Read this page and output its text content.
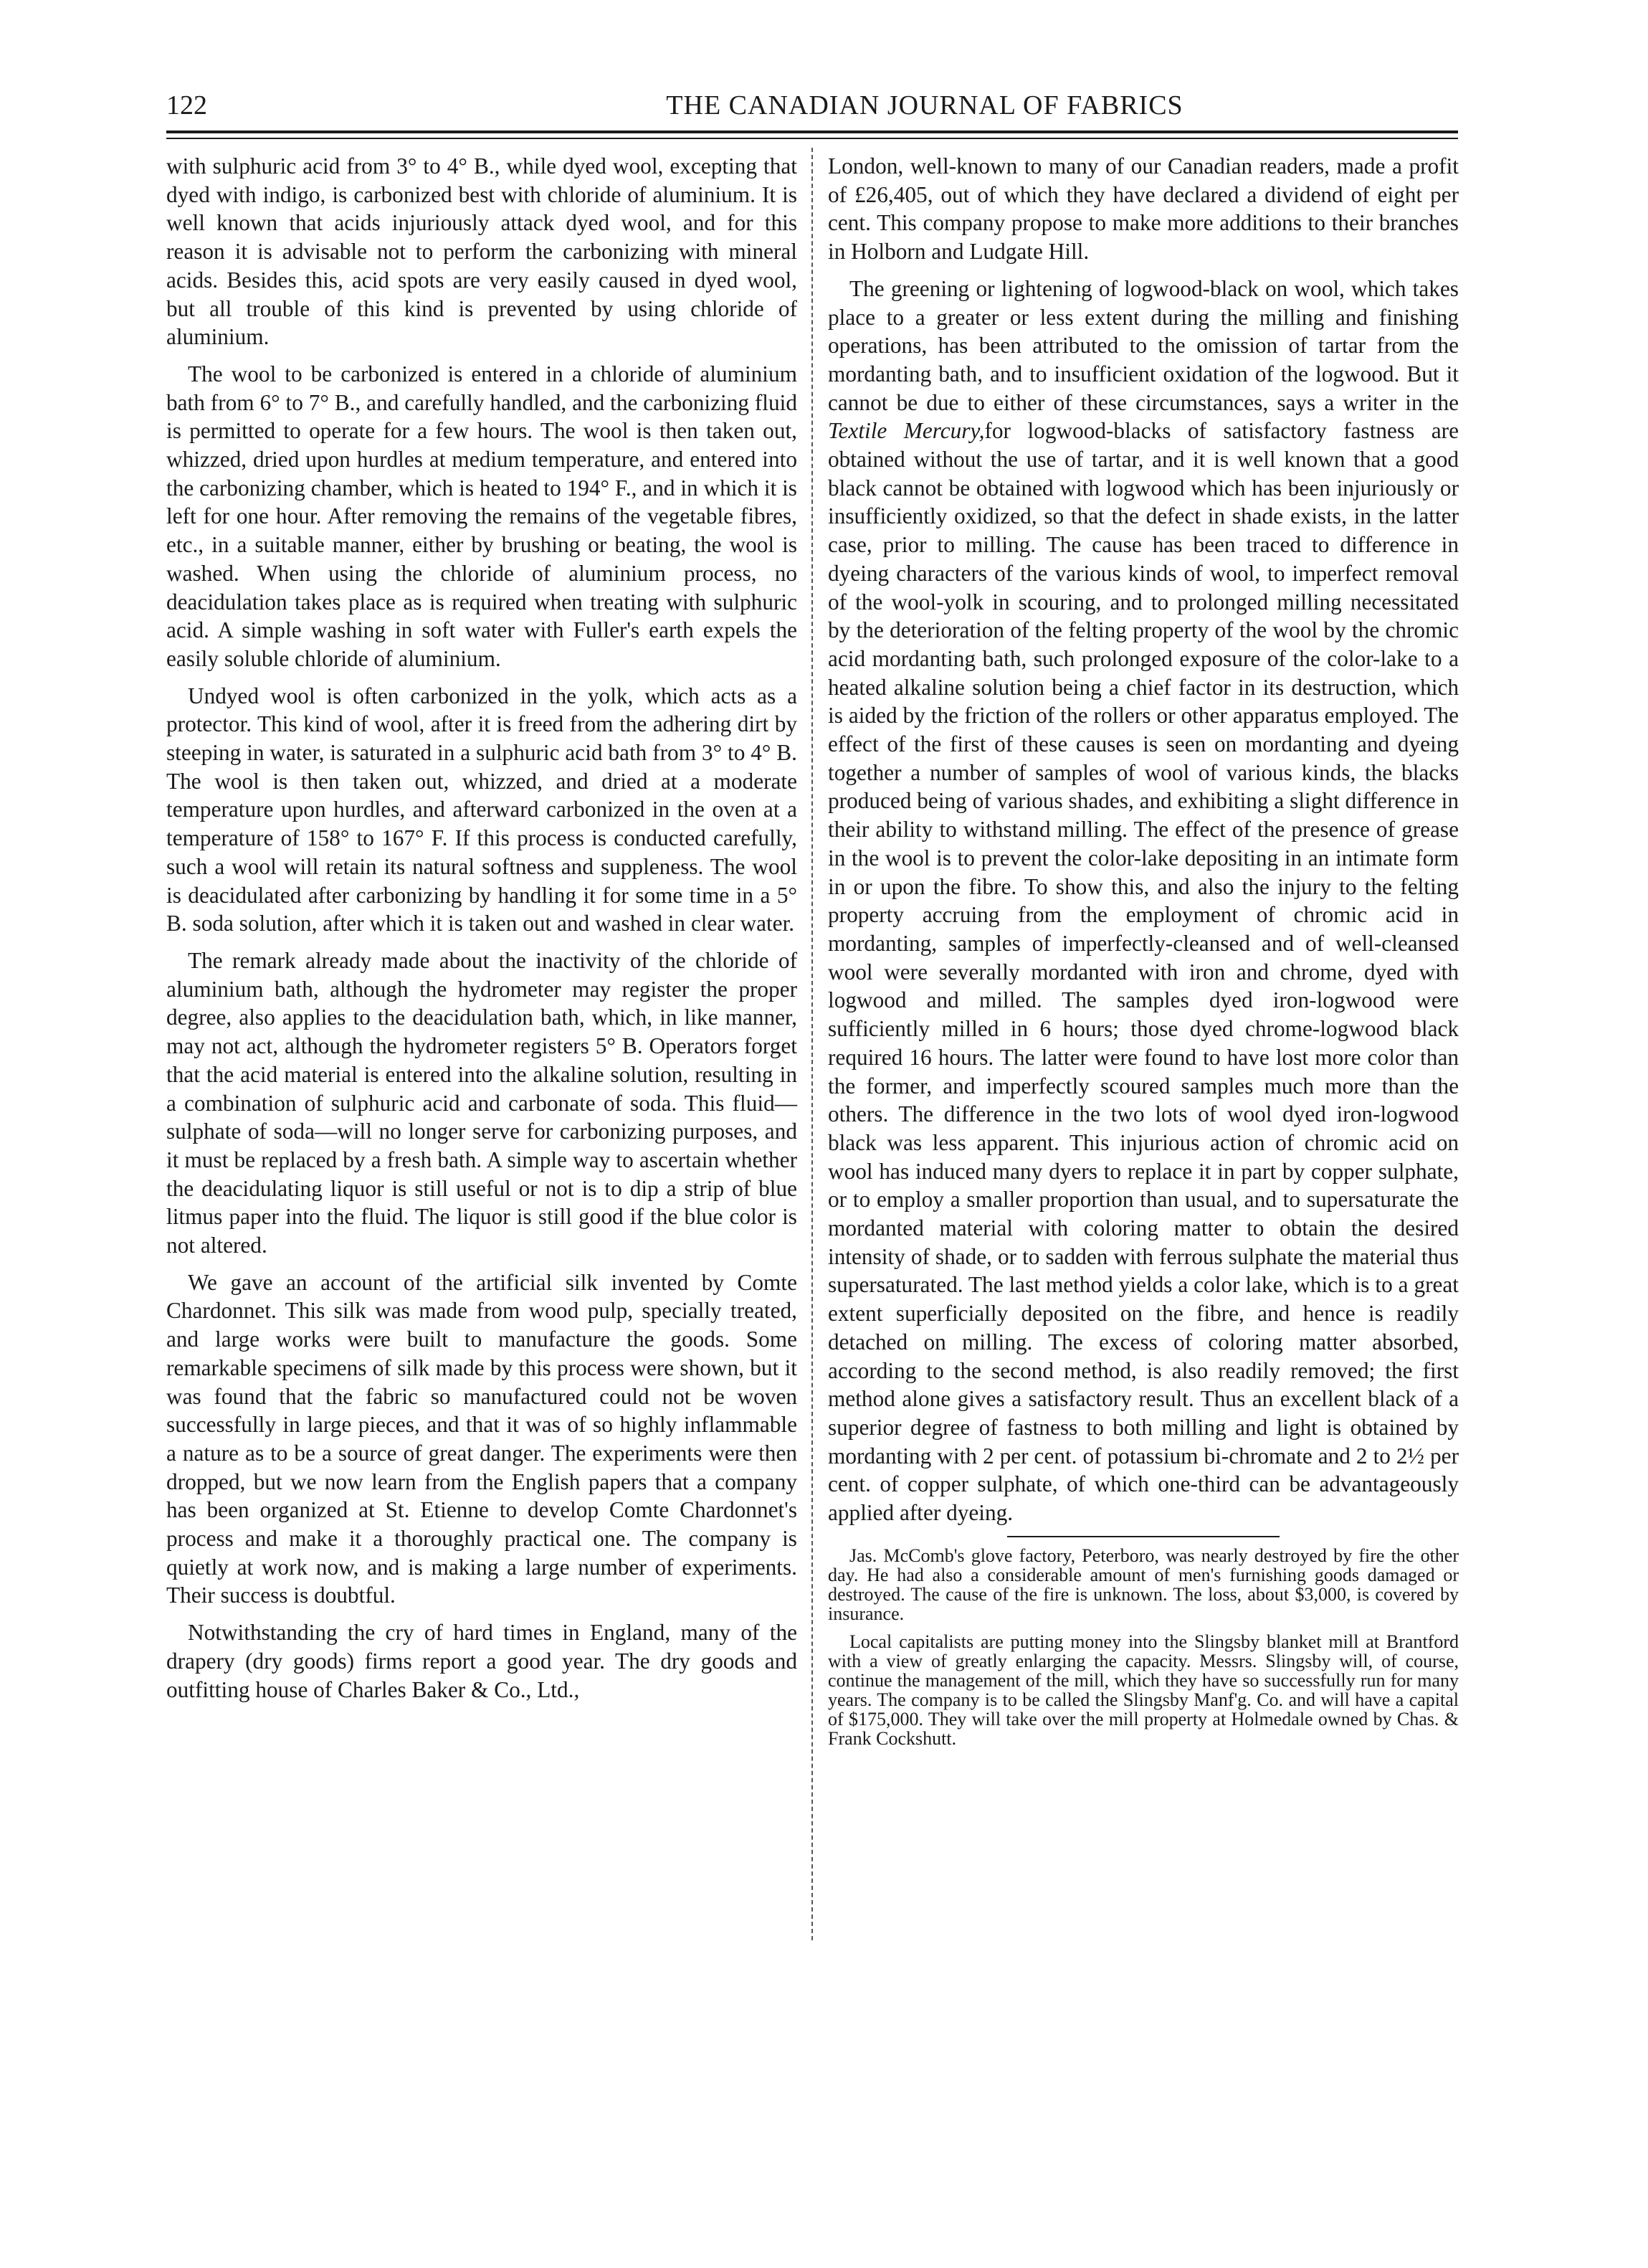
122	THE CANADIAN JOURNAL OF FABRICS

with sulphuric acid from 3° to 4° B., while dyed wool, excepting that dyed with indigo, is carbonized best with chloride of aluminium. It is well known that acids injuriously attack dyed wool, and for this reason it is advisable not to perform the carbonizing with mineral acids. Besides this, acid spots are very easily caused in dyed wool, but all trouble of this kind is prevented by using chloride of aluminium.

The wool to be carbonized is entered in a chloride of aluminium bath from 6° to 7° B., and carefully handled, and the carbonizing fluid is permitted to operate for a few hours. The wool is then taken out, whizzed, dried upon hurdles at medium temperature, and entered into the carbonizing chamber, which is heated to 194° F., and in which it is left for one hour. After removing the remains of the vegetable fibres, etc., in a suitable manner, either by brushing or beating, the wool is washed. When using the chloride of aluminium process, no deacidulation takes place as is required when treating with sulphuric acid. A simple washing in soft water with Fuller's earth expels the easily soluble chloride of aluminium.

Undyed wool is often carbonized in the yolk, which acts as a protector. This kind of wool, after it is freed from the adhering dirt by steeping in water, is saturated in a sulphuric acid bath from 3° to 4° B. The wool is then taken out, whizzed, and dried at a moderate temperature upon hurdles, and afterward carbonized in the oven at a temperature of 158° to 167° F. If this process is conducted carefully, such a wool will retain its natural softness and suppleness. The wool is deacidulated after carbonizing by handling it for some time in a 5° B. soda solution, after which it is taken out and washed in clear water.

The remark already made about the inactivity of the chloride of aluminium bath, although the hydrometer may register the proper degree, also applies to the deacidulation bath, which, in like manner, may not act, although the hydrometer registers 5° B. Operators forget that the acid material is entered into the alkaline solution, resulting in a combination of sulphuric acid and carbonate of soda. This fluid—sulphate of soda—will no longer serve for carbonizing purposes, and it must be replaced by a fresh bath. A simple way to ascertain whether the deacidulating liquor is still useful or not is to dip a strip of blue litmus paper into the fluid. The liquor is still good if the blue color is not altered.

We gave an account of the artificial silk invented by Comte Chardonnet. This silk was made from wood pulp, specially treated, and large works were built to manufacture the goods. Some remarkable specimens of silk made by this process were shown, but it was found that the fabric so manufactured could not be woven successfully in large pieces, and that it was of so highly inflammable a nature as to be a source of great danger. The experiments were then dropped, but we now learn from the English papers that a company has been organized at St. Etienne to develop Comte Chardonnet's process and make it a thoroughly practical one. The company is quietly at work now, and is making a large number of experiments. Their success is doubtful.

Notwithstanding the cry of hard times in England, many of the drapery (dry goods) firms report a good year. The dry goods and outfitting house of Charles Baker & Co., Ltd.,

London, well-known to many of our Canadian readers, made a profit of £26,405, out of which they have declared a dividend of eight per cent. This company propose to make more additions to their branches in Holborn and Ludgate Hill.

The greening or lightening of logwood-black on wool, which takes place to a greater or less extent during the milling and finishing operations, has been attributed to the omission of tartar from the mordanting bath, and to insufficient oxidation of the logwood. But it cannot be due to either of these circumstances, says a writer in the Textile Mercury,for logwood-blacks of satisfactory fastness are obtained without the use of tartar, and it is well known that a good black cannot be obtained with logwood which has been injuriously or insufficiently oxidized, so that the defect in shade exists, in the latter case, prior to milling. The cause has been traced to difference in dyeing characters of the various kinds of wool, to imperfect removal of the wool-yolk in scouring, and to prolonged milling necessitated by the deterioration of the felting property of the wool by the chromic acid mordanting bath, such prolonged exposure of the color-lake to a heated alkaline solution being a chief factor in its destruction, which is aided by the friction of the rollers or other apparatus employed. The effect of the first of these causes is seen on mordanting and dyeing together a number of samples of wool of various kinds, the blacks produced being of various shades, and exhibiting a slight difference in their ability to withstand milling. The effect of the presence of grease in the wool is to prevent the color-lake depositing in an intimate form in or upon the fibre. To show this, and also the injury to the felting property accruing from the employment of chromic acid in mordanting, samples of imperfectly-cleansed and of well-cleansed wool were severally mordanted with iron and chrome, dyed with logwood and milled. The samples dyed iron-logwood were sufficiently milled in 6 hours; those dyed chrome-logwood black required 16 hours. The latter were found to have lost more color than the former, and imperfectly scoured samples much more than the others. The difference in the two lots of wool dyed iron-logwood black was less apparent. This injurious action of chromic acid on wool has induced many dyers to replace it in part by copper sulphate, or to employ a smaller proportion than usual, and to supersaturate the mordanted material with coloring matter to obtain the desired intensity of shade, or to sadden with ferrous sulphate the material thus supersaturated. The last method yields a color lake, which is to a great extent superficially deposited on the fibre, and hence is readily detached on milling. The excess of coloring matter absorbed, according to the second method, is also readily removed; the first method alone gives a satisfactory result. Thus an excellent black of a superior degree of fastness to both milling and light is obtained by mordanting with 2 per cent. of potassium bi-chromate and 2 to 2½ per cent. of copper sulphate, of which one-third can be advantageously applied after dyeing.

Jas. McComb's glove factory, Peterboro, was nearly destroyed by fire the other day. He had also a considerable amount of men's furnishing goods damaged or destroyed. The cause of the fire is unknown. The loss, about $3,000, is covered by insurance.

Local capitalists are putting money into the Slingsby blanket mill at Brantford with a view of greatly enlarging the capacity. Messrs. Slingsby will, of course, continue the management of the mill, which they have so successfully run for many years. The company is to be called the Slingsby Manf'g. Co. and will have a capital of $175,000. They will take over the mill property at Holmedale owned by Chas. & Frank Cockshutt.
